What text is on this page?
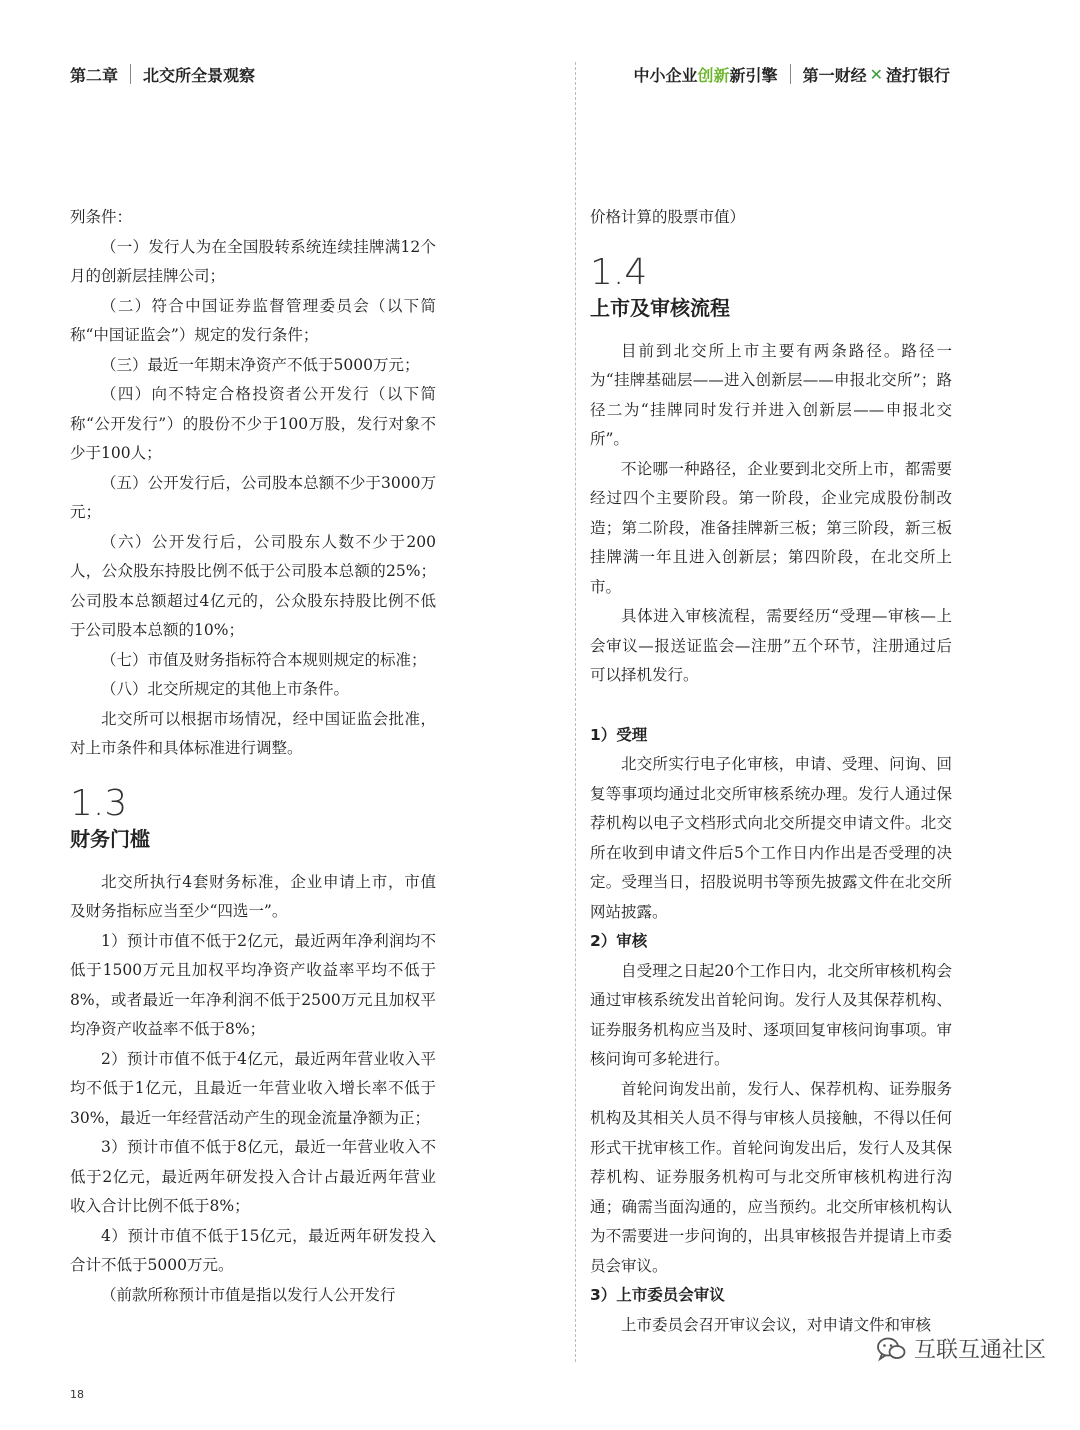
第二章 北交所全景观察	中小企业 创新 新引擎 第一财经 ✕ 渣打银行

列条件：

（一）发行人为在全国股转系统连续挂牌满12个月的创新层挂牌公司；

（二）符合中国证券监督管理委员会（以下简称“中国证监会”）规定的发行条件；

（三）最近一年期末净资产不低于5000万元；

（四）向不特定合格投资者公开发行（以下简称“公开发行”）的股份不少于100万股，发行对象不少于100人；

（五）公开发行后，公司股本总额不少于3000万元；

（六）公开发行后，公司股东人数不少于200人，公众股东持股比例不低于公司股本总额的25%；公司股本总额超过4亿元的，公众股东持股比例不低于公司股本总额的10%；

（七）市值及财务指标符合本规则规定的标准；

（八）北交所规定的其他上市条件。

北交所可以根据市场情况，经中国证监会批准，对上市条件和具体标准进行调整。

1.3
财务门槛

北交所执行4套财务标准，企业申请上市，市值及财务指标应当至少“四选一”。

1）预计市值不低于2亿元，最近两年净利润均不低于1500万元且加权平均净资产收益率平均不低于8%，或者最近一年净利润不低于2500万元且加权平均净资产收益率不低于8%；

2）预计市值不低于4亿元，最近两年营业收入平均不低于1亿元，且最近一年营业收入增长率不低于30%，最近一年经营活动产生的现金流量净额为正；

3）预计市值不低于8亿元，最近一年营业收入不低于2亿元，最近两年研发投入合计占最近两年营业收入合计比例不低于8%；

4）预计市值不低于15亿元，最近两年研发投入合计不低于5000万元。

（前款所称预计市值是指以发行人公开发行

价格计算的股票市值）

1.4
上市及审核流程

目前到北交所上市主要有两条路径。路径一为“挂牌基础层——进入创新层——申报北交所”；路径二为“挂牌同时发行并进入创新层——申报北交所”。

不论哪一种路径，企业要到北交所上市，都需要经过四个主要阶段。第一阶段，企业完成股份制改造；第二阶段，准备挂牌新三板；第三阶段，新三板挂牌满一年且进入创新层；第四阶段，在北交所上市。

具体进入审核流程，需要经历“受理—审核—上会审议—报送证监会—注册”五个环节，注册通过后可以择机发行。

1）受理

北交所实行电子化审核，申请、受理、问询、回复等事项均通过北交所审核系统办理。发行人通过保荐机构以电子文档形式向北交所提交申请文件。北交所在收到申请文件后5个工作日内作出是否受理的决定。受理当日，招股说明书等预先披露文件在北交所网站披露。

2）审核

自受理之日起20个工作日内，北交所审核机构会通过审核系统发出首轮问询。发行人及其保荐机构、证券服务机构应当及时、逐项回复审核问询事项。审核问询可多轮进行。

首轮问询发出前，发行人、保荐机构、证券服务机构及其相关人员不得与审核人员接触，不得以任何形式干扰审核工作。首轮问询发出后，发行人及其保荐机构、证券服务机构可与北交所审核机构进行沟通；确需当面沟通的，应当预约。北交所审核机构认为不需要进一步问询的，出具审核报告并提请上市委员会审议。

3）上市委员会审议

上市委员会召开审议会议，对申请文件和审核

18
互联互通社区
